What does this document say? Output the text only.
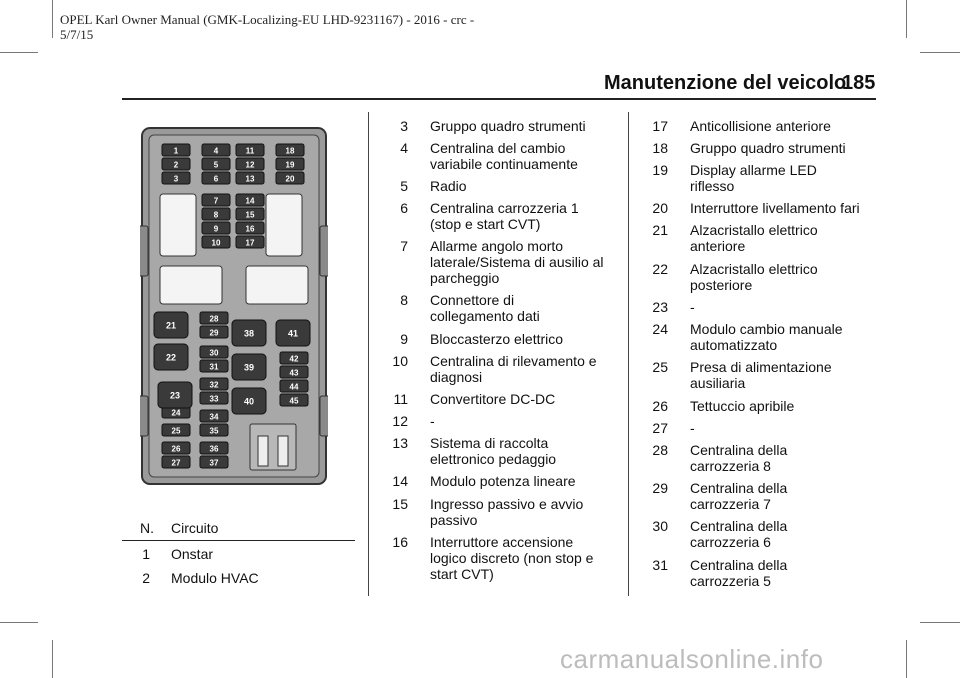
OPEL Karl Owner Manual (GMK-Localizing-EU LHD-9231167) - 2016 - crc -
5/7/15
Manutenzione del veicolo
185
1
2
3
4
5
6
7
8
9
10
11
12
13
14
15
16
17
18
19
20
28
29
30
31
32
33
34
35
36
37
24
25
26
27
42
43
44
45
21
22
23
38
39
40
41
N. Circuito
1 Onstar
2 Modulo HVAC
3 Gruppo quadro strumenti
4 Centralina del cambio
variabile continuamente
5 Radio
6 Centralina carrozzeria 1
(stop e start CVT)
7 Allarme angolo morto
laterale/Sistema di ausilio al
parcheggio
8 Connettore di
collegamento dati
9 Bloccasterzo elettrico
10 Centralina di rilevamento e
diagnosi
11 Convertitore DC-DC
12 -
13 Sistema di raccolta
elettronico pedaggio
14 Modulo potenza lineare
15 Ingresso passivo e avvio
passivo
16 Interruttore accensione
logico discreto (non stop e
start CVT)
17 Anticollisione anteriore
18 Gruppo quadro strumenti
19 Display allarme LED
riflesso
20 Interruttore livellamento fari
21 Alzacristallo elettrico
anteriore
22 Alzacristallo elettrico
posteriore
23 -
24 Modulo cambio manuale
automatizzato
25 Presa di alimentazione
ausiliaria
26 Tettuccio apribile
27 -
28 Centralina della
carrozzeria 8
29 Centralina della
carrozzeria 7
30 Centralina della
carrozzeria 6
31 Centralina della
carrozzeria 5
carmanualsonline.info
